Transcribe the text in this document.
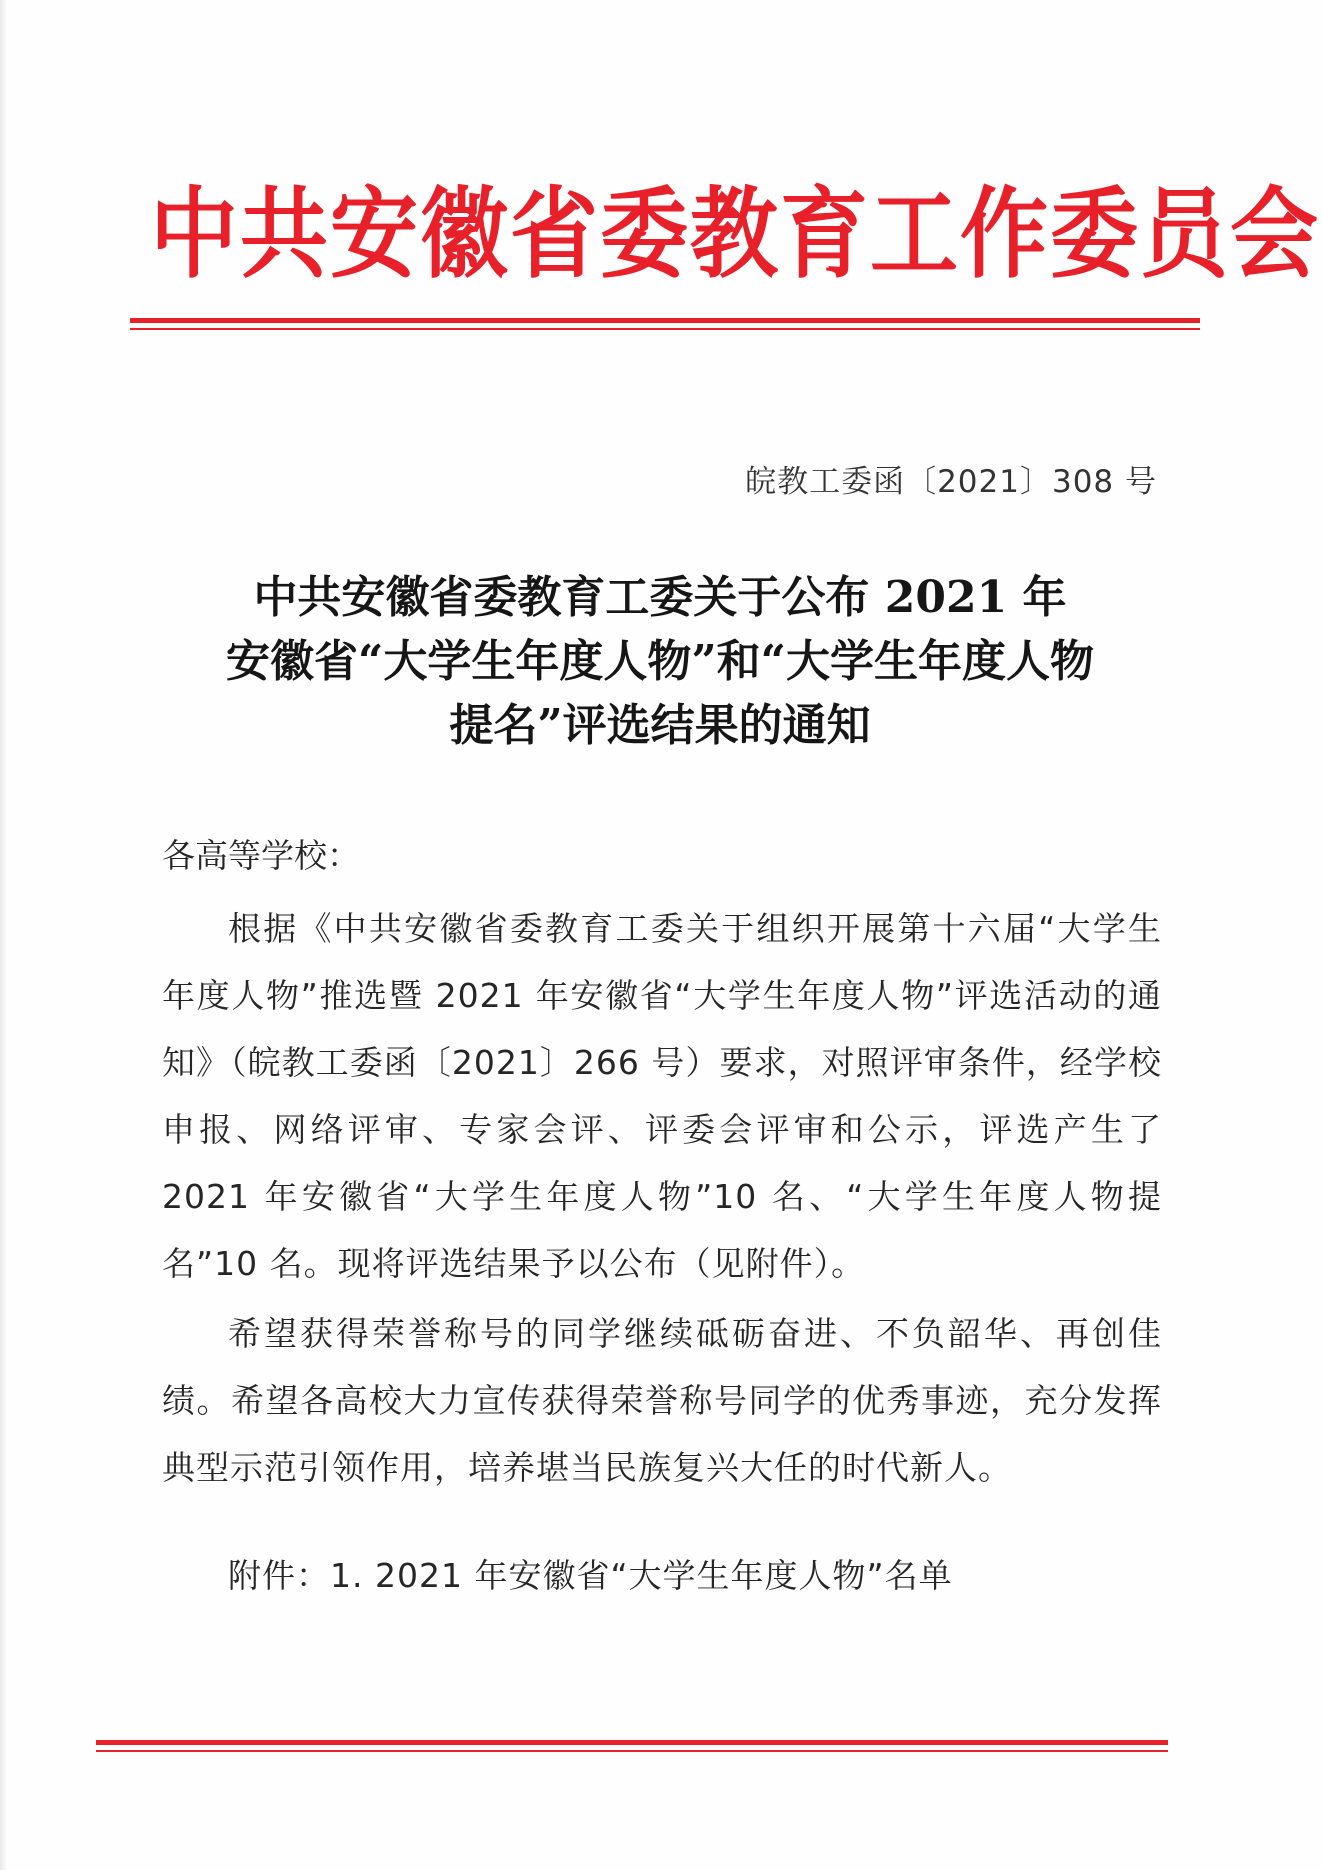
中共安徽省委教育工作委员会
皖教工委函〔2021〕308 号
中共安徽省委教育工委关于公布 2021 年
安徽省“大学生年度人物”和“大学生年度人物
提名”评选结果的通知
各高等学校：
根据《中共安徽省委教育工委关于组织开展第十六届“大学生年度人物”推选暨 2021 年安徽省“大学生年度人物”评选活动的通知》（皖教工委函〔2021〕266 号）要求，对照评审条件，经学校申报、网络评审、专家会评、评委会评审和公示，评选产生了 2021 年安徽省“大学生年度人物”10 名、“大学生年度人物提名”10 名。现将评选结果予以公布（见附件）。
希望获得荣誉称号的同学继续砥砺奋进、不负韶华、再创佳绩。希望各高校大力宣传获得荣誉称号同学的优秀事迹，充分发挥典型示范引领作用，培养堪当民族复兴大任的时代新人。
附件：1. 2021 年安徽省“大学生年度人物”名单
